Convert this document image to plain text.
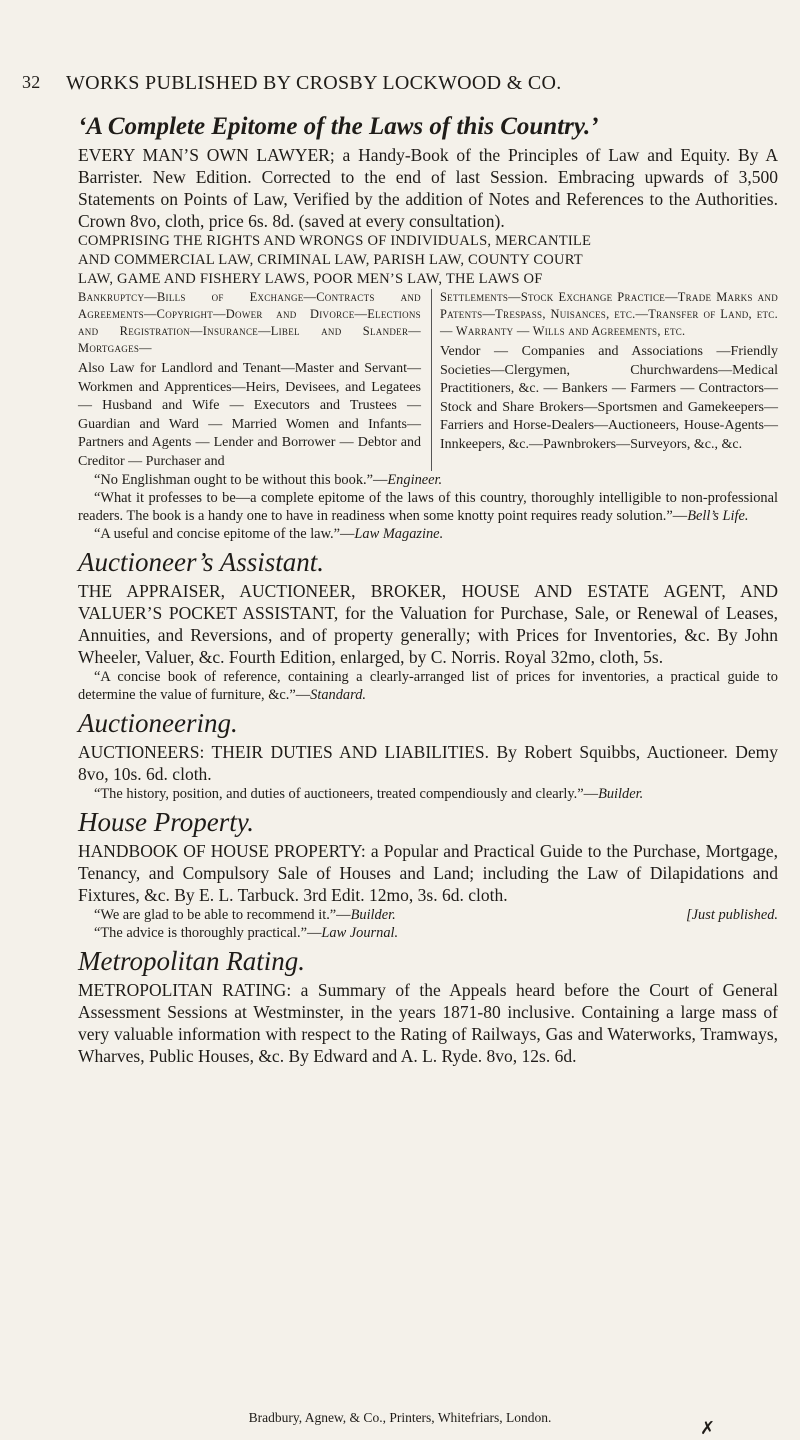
32 WORKS PUBLISHED BY CROSBY LOCKWOOD & CO.

‘A Complete Epitome of the Laws of this Country.’

EVERY MAN’S OWN LAWYER; a Handy-Book of the Principles of Law and Equity. By A Barrister. New Edition. Corrected to the end of last Session. Embracing upwards of 3,500 Statements on Points of Law, Verified by the addition of Notes and References to the Authorities. Crown 8vo, cloth, price 6s. 8d. (saved at every consultation).

COMPRISING THE RIGHTS AND WRONGS OF INDIVIDUALS, MERCANTILE

AND COMMERCIAL LAW, CRIMINAL LAW, PARISH LAW, COUNTY COURT

LAW, GAME AND FISHERY LAWS, POOR MEN’S LAW, THE LAWS OF

Bankruptcy—Bills of Exchange—Contracts and Agreements—Copyright—Dower and Divorce—Elections and Registration—Insurance—Libel and Slander—Mortgages—

Also Law for Landlord and Tenant—Master and Servant—Workmen and Apprentices—Heirs, Devisees, and Legatees — Husband and Wife — Executors and Trustees — Guardian and Ward — Married Women and Infants—Partners and Agents — Lender and Borrower — Debtor and Creditor — Purchaser and

Settlements—Stock Exchange Practice—Trade Marks and Patents—Trespass, Nuisances, etc.—Transfer of Land, etc. — Warranty — Wills and Agreements, etc.

Vendor — Companies and Associations —Friendly Societies—Clergymen, Churchwardens—Medical Practitioners, &c. — Bankers — Farmers — Contractors—Stock and Share Brokers—Sportsmen and Gamekeepers—Farriers and Horse-Dealers—Auctioneers, House-Agents—Innkeepers, &c.—Pawnbrokers—Surveyors, &c., &c.

“No Englishman ought to be without this book.”—Engineer.

“What it professes to be—a complete epitome of the laws of this country, thoroughly intelligible to non-professional readers. The book is a handy one to have in readiness when some knotty point requires ready solution.”—Bell’s Life.

“A useful and concise epitome of the law.”—Law Magazine.

Auctioneer’s Assistant.

THE APPRAISER, AUCTIONEER, BROKER, HOUSE AND ESTATE AGENT, AND VALUER’S POCKET ASSISTANT, for the Valuation for Purchase, Sale, or Renewal of Leases, Annuities, and Reversions, and of property generally; with Prices for Inventories, &c. By John Wheeler, Valuer, &c. Fourth Edition, enlarged, by C. Norris. Royal 32mo, cloth, 5s.

“A concise book of reference, containing a clearly-arranged list of prices for inventories, a practical guide to determine the value of furniture, &c.”—Standard.

Auctioneering.

AUCTIONEERS: THEIR DUTIES AND LIABILITIES. By Robert Squibbs, Auctioneer. Demy 8vo, 10s. 6d. cloth.

“The history, position, and duties of auctioneers, treated compendiously and clearly.”—Builder.

House Property.

HANDBOOK OF HOUSE PROPERTY: a Popular and Practical Guide to the Purchase, Mortgage, Tenancy, and Compulsory Sale of Houses and Land; including the Law of Dilapidations and Fixtures, &c. By E. L. Tarbuck. 3rd Edit. 12mo, 3s. 6d. cloth.

“We are glad to be able to recommend it.”—Builder.	[Just published.

“The advice is thoroughly practical.”—Law Journal.

Metropolitan Rating.

METROPOLITAN RATING: a Summary of the Appeals heard before the Court of General Assessment Sessions at Westminster, in the years 1871-80 inclusive. Containing a large mass of very valuable information with respect to the Rating of Railways, Gas and Waterworks, Tramways, Wharves, Public Houses, &c. By Edward and A. L. Ryde. 8vo, 12s. 6d.

Bradbury, Agnew, & Co., Printers, Whitefriars, London.
✗
